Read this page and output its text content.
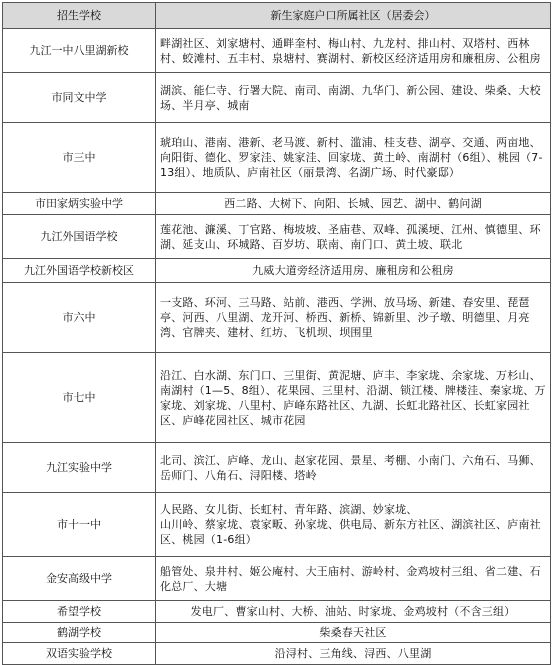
招生学校	新生家庭户口所属社区（居委会）
九江一中八里湖新校	畔湖社区、刘家塘村、通畔奎村、梅山村、九龙村、排山村、双塔村、西林村、蛟滩村、五丰村、泉塘村、赛湖村、新校区经济适用房和廉租房、公租房

市同文中学	湖滨、能仁寺、行署大院、南司、南湖、九华门、新公园、建设、柴桑、大校场、半月亭、城南

市三中	琥珀山、港南、港新、老马渡、新村、滥浦、桂支巷、湖亭、交通、两亩地、向阳街、德化、罗家洼、姚家洼、回家垅、黄土岭、南湖村（6组）、桃园（7-13组）、地质队、庐南社区（丽景湾、名湖广场、时代豪邸）

市田家炳实验中学	西二路、大树下、向阳、长城、园艺、湖中、鹤问湖

九江外国语学校	莲花池、濂溪、丁官路、梅坡坡、圣庙巷、双峰、孤溪埂、江州、慎德里、环湖、延支山、环城路、百岁坊、联南、南门口、黄土坡、联北

九江外国语学校新校区	九威大道旁经济适用房、廉租房和公租房

市六中	一支路、环河、三马路、站前、港西、学洲、放马场、新建、春安里、琵琶亭、河西、八里湖、龙开河、桥西、新桥、锦新里、沙子墩、明德里、月亮湾、官牌夹、建材、红坊、飞机坝、坝围里

市七中	沿江、白水湖、东门口、三里街、黄泥塘、庐丰、李家垅、余家垅、万杉山、南湖村（1—5、8组）、花果园、三里村、沿湖、锁江楼、牌楼洼、秦家垅、万家垅、刘家垅、八里村、庐峰东路社区、九湖、长虹北路社区、长虹家园社区、庐峰花园社区、城市花园

九江实验中学	北司、滨江、庐峰、龙山、赵家花园、景星、考棚、小南门、六角石、马狮、岳师门、八角石、浔阳楼、塔岭

市十一中	人民路、女儿街、长虹村、青年路、滨湖、妙家垅、
山川岭、蔡家垅、袁家畈、孙家垅、供电局、新东方社区、湖滨社区、庐南社区、桃园（1-6组）

金安高级中学	船管处、泉井村、姬公庵村、大王庙村、游岭村、金鸡坡村三组、省二建、石化总厂、大塘

希望学校	发电厂、曹家山村、大桥、油站、时家垅、金鸡坡村（不含三组）

鹤湖学校	柴桑春天社区

双语实验学校	沿浔村、三角线、浔西、八里湖
